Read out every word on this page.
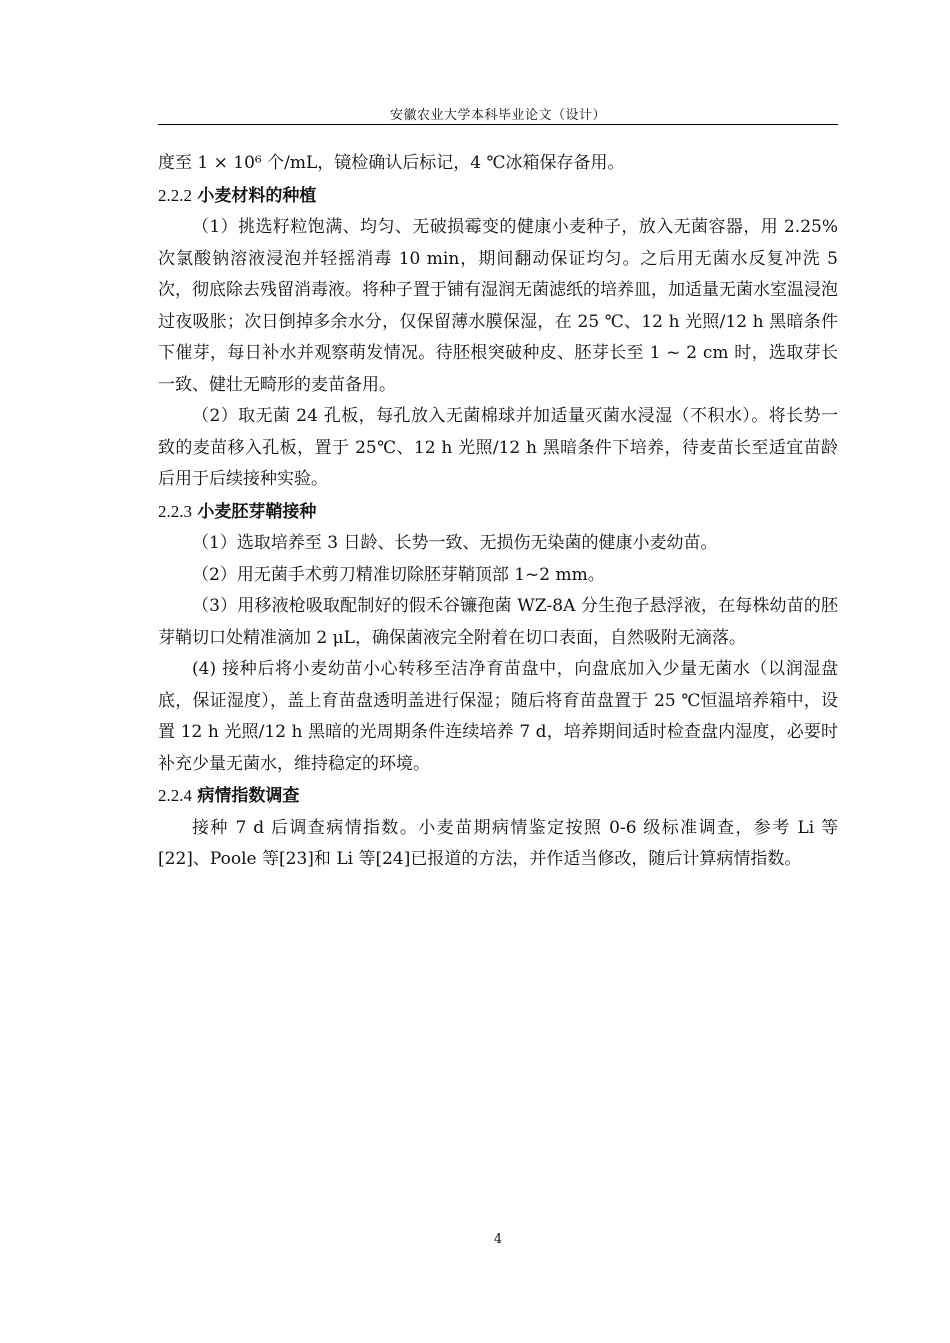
安徽农业大学本科毕业论文（设计）

度至 1 × 10⁶ 个/mL，镜检确认后标记，4 ℃冰箱保存备用。

2.2.2 小麦材料的种植

（1）挑选籽粒饱满、均匀、无破损霉变的健康小麦种子，放入无菌容器，用 2.25%次氯酸钠溶液浸泡并轻摇消毒 10 min，期间翻动保证均匀。之后用无菌水反复冲洗 5 次，彻底除去残留消毒液。将种子置于铺有湿润无菌滤纸的培养皿，加适量无菌水室温浸泡过夜吸胀；次日倒掉多余水分，仅保留薄水膜保湿，在 25 ℃、12 h 光照/12 h 黑暗条件下催芽，每日补水并观察萌发情况。待胚根突破种皮、胚芽长至 1 ~ 2 cm 时，选取芽长一致、健壮无畸形的麦苗备用。

（2）取无菌 24 孔板，每孔放入无菌棉球并加适量灭菌水浸湿（不积水）。将长势一致的麦苗移入孔板，置于 25℃、12 h 光照/12 h 黑暗条件下培养，待麦苗长至适宜苗龄后用于后续接种实验。

2.2.3 小麦胚芽鞘接种

（1）选取培养至 3 日龄、长势一致、无损伤无染菌的健康小麦幼苗。

（2）用无菌手术剪刀精准切除胚芽鞘顶部 1~2 mm。

（3）用移液枪吸取配制好的假禾谷镰孢菌 WZ-8A 分生孢子悬浮液，在每株幼苗的胚芽鞘切口处精准滴加 2 μL，确保菌液完全附着在切口表面，自然吸附无滴落。

(4) 接种后将小麦幼苗小心转移至洁净育苗盘中，向盘底加入少量无菌水（以润湿盘底，保证湿度），盖上育苗盘透明盖进行保湿；随后将育苗盘置于 25 ℃恒温培养箱中，设置 12 h 光照/12 h 黑暗的光周期条件连续培养 7 d，培养期间适时检查盘内湿度，必要时补充少量无菌水，维持稳定的环境。

2.2.4 病情指数调查

接种 7 d 后调查病情指数。小麦苗期病情鉴定按照 0-6 级标准调查，参考 Li 等[22]、Poole 等[23]和 Li 等[24]已报道的方法，并作适当修改，随后计算病情指数。

4
